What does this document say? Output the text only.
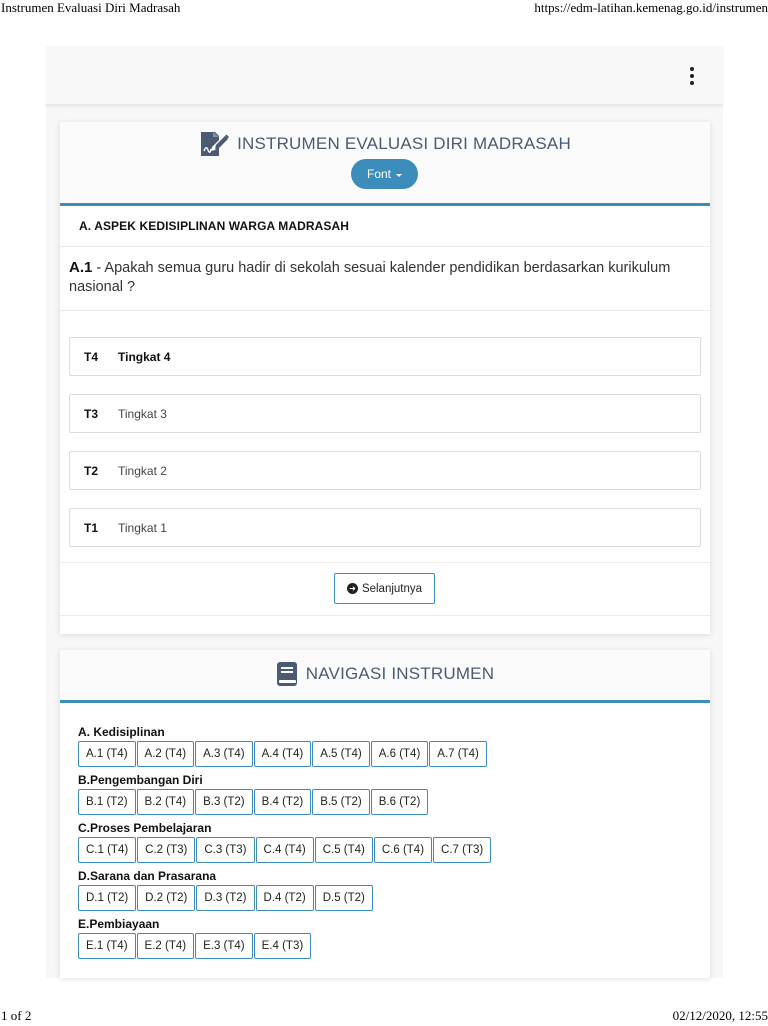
Instrumen Evaluasi Diri Madrasah	https://edm-latihan.kemenag.go.id/instrumen
INSTRUMEN EVALUASI DIRI MADRASAH
Font
A. ASPEK KEDISIPLINAN WARGA MADRASAH
A.1 - Apakah semua guru hadir di sekolah sesuai kalender pendidikan berdasarkan kurikulum nasional ?
T4	Tingkat 4
T3	Tingkat 3
T2	Tingkat 2
T1	Tingkat 1
➜ Selanjutnya
NAVIGASI INSTRUMEN
A. Kedisiplinan
A.1 (T4)	A.2 (T4)	A.3 (T4)	A.4 (T4)	A.5 (T4)	A.6 (T4)	A.7 (T4)
B.Pengembangan Diri
B.1 (T2)	B.2 (T4)	B.3 (T2)	B.4 (T2)	B.5 (T2)	B.6 (T2)
C.Proses Pembelajaran
C.1 (T4)	C.2 (T3)	C.3 (T3)	C.4 (T4)	C.5 (T4)	C.6 (T4)	C.7 (T3)
D.Sarana dan Prasarana
D.1 (T2)	D.2 (T2)	D.3 (T2)	D.4 (T2)	D.5 (T2)
E.Pembiayaan
E.1 (T4)	E.2 (T4)	E.3 (T4)	E.4 (T3)
1 of 2	02/12/2020, 12:55
